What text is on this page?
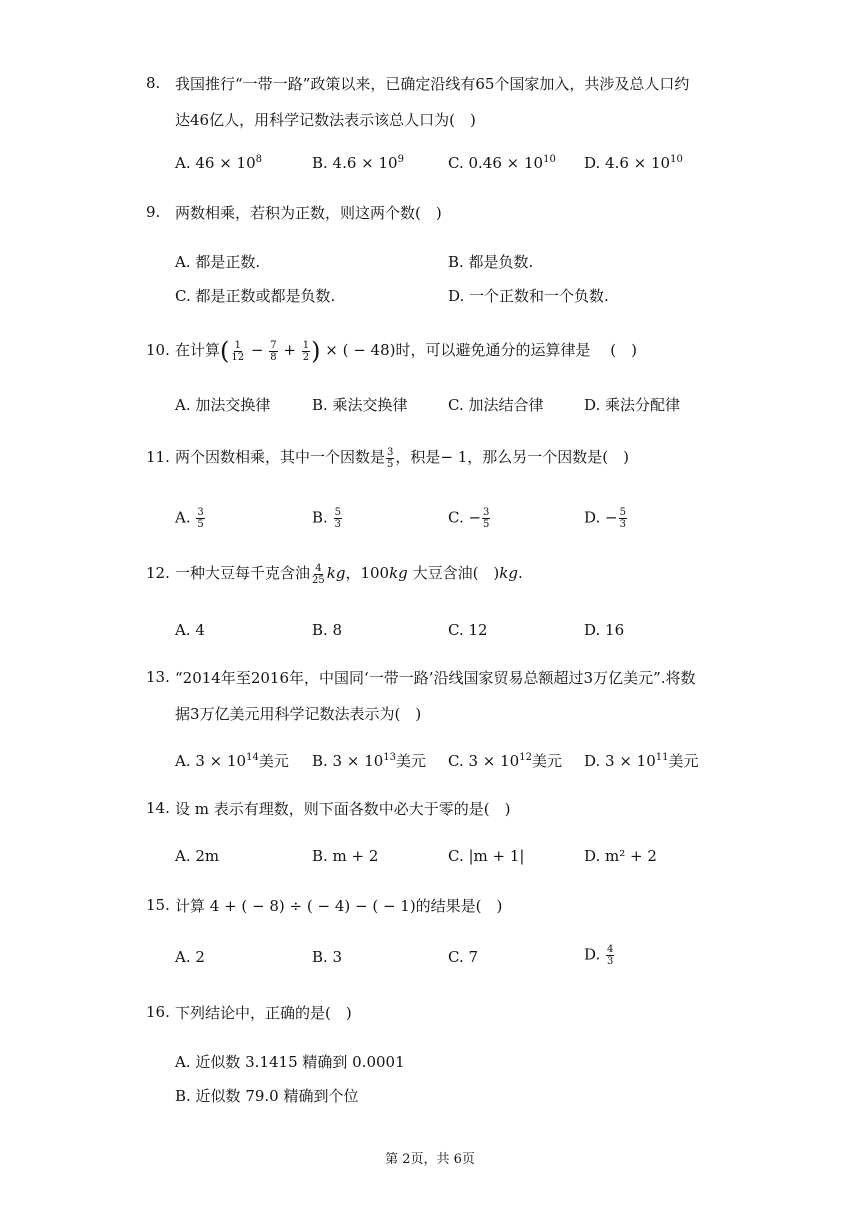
8. 我国推行“一带一路”政策以来，已确定沿线有65个国家加入，共涉及总人口约
达46亿人，用科学记数法表示该总人口为(　)
A. $46 \times 10^8$	B. $4.6 \times 10^9$	C. $0.46 \times 10^{10}$ D. $4.6 \times 10^{10}$
9. 两数相乘，若积为正数，则这两个数(　)
A. 都是正数.	B. 都是负数.
C. 都是正数或都是负数.	D. 一个正数和一个负数.
10. 在计算( $\frac{1}{12} - \frac{7}{8} + \frac{1}{2}$ ) × ( − 48)时，可以避免通分的运算律是 　(　)
A. 加法交换律	B. 乘法交换律	C. 加法结合律	D. 乘法分配律
11. 两个因数相乘，其中一个因数是 $\frac{3}{5}$ ，积是− 1，那么另一个因数是(　)
A. $\frac{3}{5}$	B. $\frac{5}{3}$	C. − $\frac{3}{5}$	D. − $\frac{5}{3}$
12. 一种大豆每千克含油 $\frac{4}{25}$ kg，100kg 大豆含油(　)kg.
A. 4	B. 8	C. 12	D. 16
13. “2014年至2016年，中国同‘一带一路’沿线国家贸易总额超过3万亿美元”.将数
据3万亿美元用科学记数法表示为(　)
A. $3 \times 10^{14}$美元 B. $3 \times 10^{13}$美元 C. $3 \times 10^{12}$美元 D. $3 \times 10^{11}$美元
14. 设 m 表示有理数，则下面各数中必大于零的是(　)
A. 2m	B. m + 2	C. |m + 1|	D. m² + 2
15. 计算 4 + ( − 8) ÷ ( − 4) − ( − 1)的结果是(　)
A. 2	B. 3	C. 7	D. $\frac{4}{3}$
16. 下列结论中，正确的是(　)
A. 近似数 3.1415 精确到 0.0001
B. 近似数 79.0 精确到个位
第 2页，共 6页
